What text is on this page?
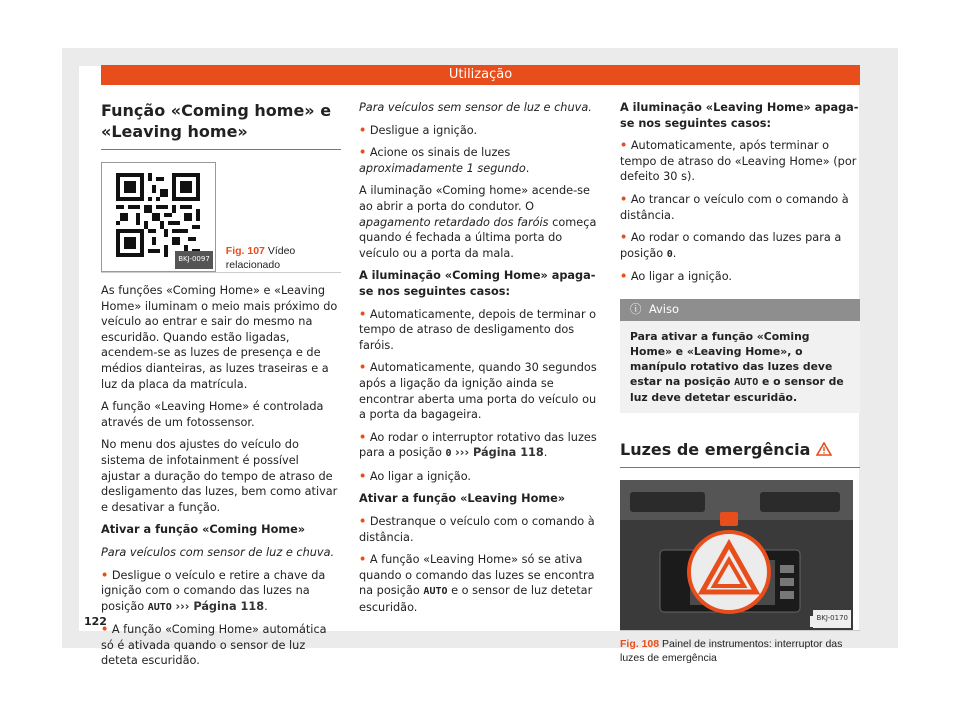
Utilização
Função «Coming home» e «Leaving home»
BKJ-0097
Fig. 107 Vídeo relacionado

As funções «Coming Home» e «Leaving Home» iluminam o meio mais próximo do veículo ao entrar e sair do mesmo na escuridão. Quando estão ligadas, acendem-se as luzes de presença e de médios dianteiras, as luzes traseiras e a luz da placa da matrícula.

A função «Leaving Home» é controlada através de um fotossensor.

No menu dos ajustes do veículo do sistema de infotainment é possível ajustar a duração do tempo de atraso de desligamento das luzes, bem como ativar e desativar a função.

Ativar a função «Coming Home»

Para veículos com sensor de luz e chuva.

• Desligue o veículo e retire a chave da ignição com o comando das luzes na posição AUTO ››› Página 118.

• A função «Coming Home» automática só é ativada quando o sensor de luz deteta escuridão.

Para veículos sem sensor de luz e chuva.

• Desligue a ignição.

• Acione os sinais de luzes aproximadamente 1 segundo.

A iluminação «Coming home» acende-se ao abrir a porta do condutor. O apagamento retardado dos faróis começa quando é fechada a última porta do veículo ou a porta da mala.

A iluminação «Coming Home» apaga-se nos seguintes casos:

• Automaticamente, depois de terminar o tempo de atraso de desligamento dos faróis.

• Automaticamente, quando 30 segundos após a ligação da ignição ainda se encontrar aberta uma porta do veículo ou a porta da bagageira.

• Ao rodar o interruptor rotativo das luzes para a posição 0 ››› Página 118.

• Ao ligar a ignição.

Ativar a função «Leaving Home»

• Destranque o veículo com o comando à distância.

• A função «Leaving Home» só se ativa quando o comando das luzes se encontra na posição AUTO e o sensor de luz detetar escuridão.

A iluminação «Leaving Home» apaga-se nos seguintes casos:

• Automaticamente, após terminar o tempo de atraso do «Leaving Home» (por defeito 30 s).

• Ao trancar o veículo com o comando à distância.

• Ao rodar o comando das luzes para a posição 0.

• Ao ligar a ignição.

ⓘ Aviso
Para ativar a função «Coming Home» e «Leaving Home», o manípulo rotativo das luzes deve estar na posição AUTO e o sensor de luz deve detetar escuridão.
Luzes de emergência
BKJ-0170
Fig. 108 Painel de instrumentos: interruptor das luzes de emergência
122
